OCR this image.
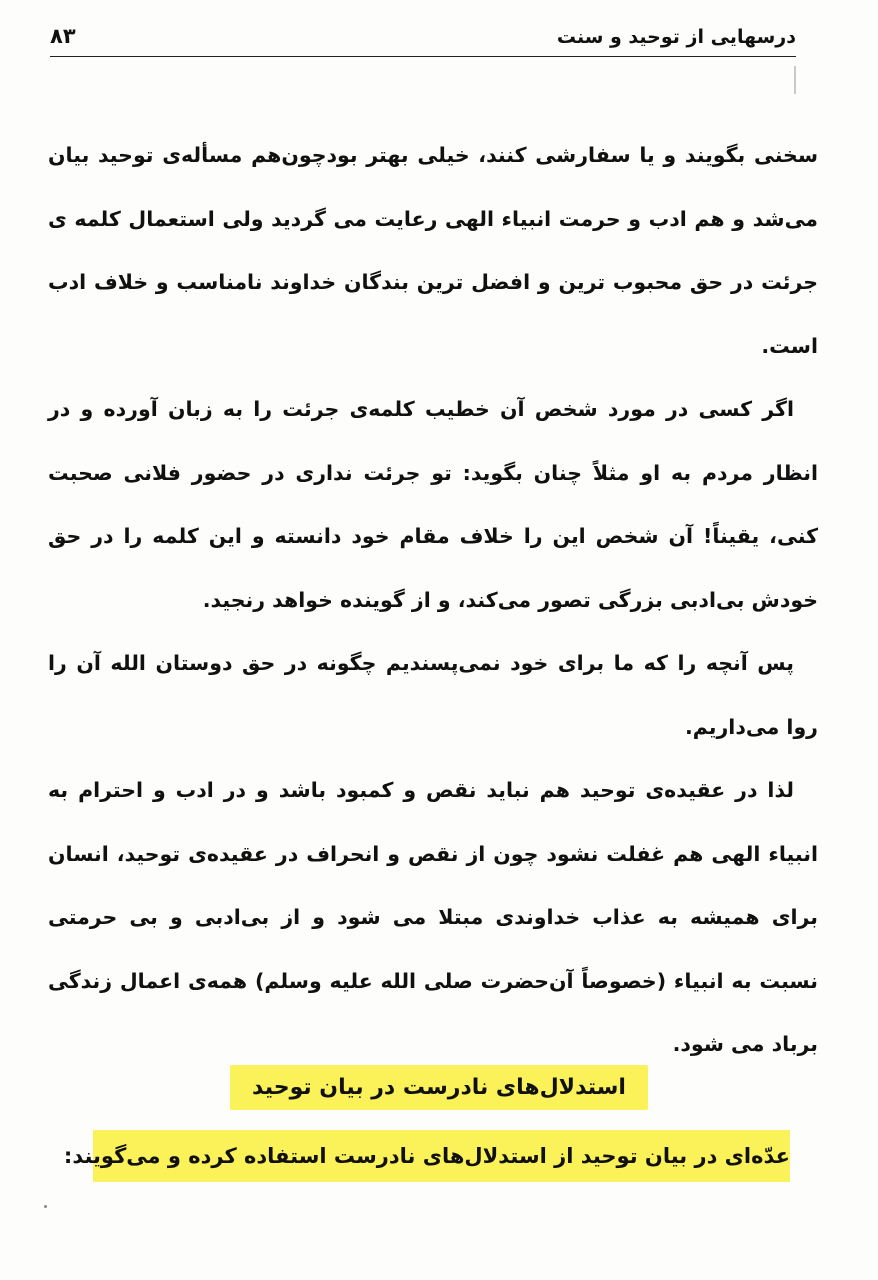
درسهایی از توحید و سنت
۸۳

سخنی بگویند و یا سفارشی کنند، خیلی بهتر بودچون‌هم مسأله‌ی توحید بیان می‌شد و هم ادب و حرمت انبیاء الهی رعایت می گردید ولی استعمال کلمه ی جرئت در حق محبوب ترین و افضل ترین بندگان خداوند نامناسب و خلاف ادب است.

اگر کسی در مورد شخص آن خطیب کلمه‌ی جرئت را به زبان آورده و در انظار مردم به او مثلاً چنان بگوید: تو جرئت نداری در حضور فلانی صحبت کنی، یقیناً! آن شخص این را خلاف مقام خود دانسته و این کلمه را در حق خودش بی‌ادبی بزرگی تصور می‌کند، و از گوینده خواهد رنجید.

پس آنچه را که ما برای خود نمی‌پسندیم چگونه در حق دوستان الله آن را روا می‌داریم.

لذا در عقیده‌ی توحید هم نباید نقص و کمبود باشد و در ادب و احترام به انبیاء الهی هم غفلت نشود چون از نقص و انحراف در عقیده‌ی توحید، انسان برای همیشه به عذاب خداوندی مبتلا می شود و از بی‌ادبی و بی حرمتی نسبت به انبیاء (خصوصاً آن‌حضرت صلی الله علیه وسلم) همه‌ی اعمال زندگی برباد می شود.

استدلال‌های نادرست در بیان توحید
عدّه‌ای در بیان توحید از استدلال‌های نادرست استفاده کرده و می‌گویند:
